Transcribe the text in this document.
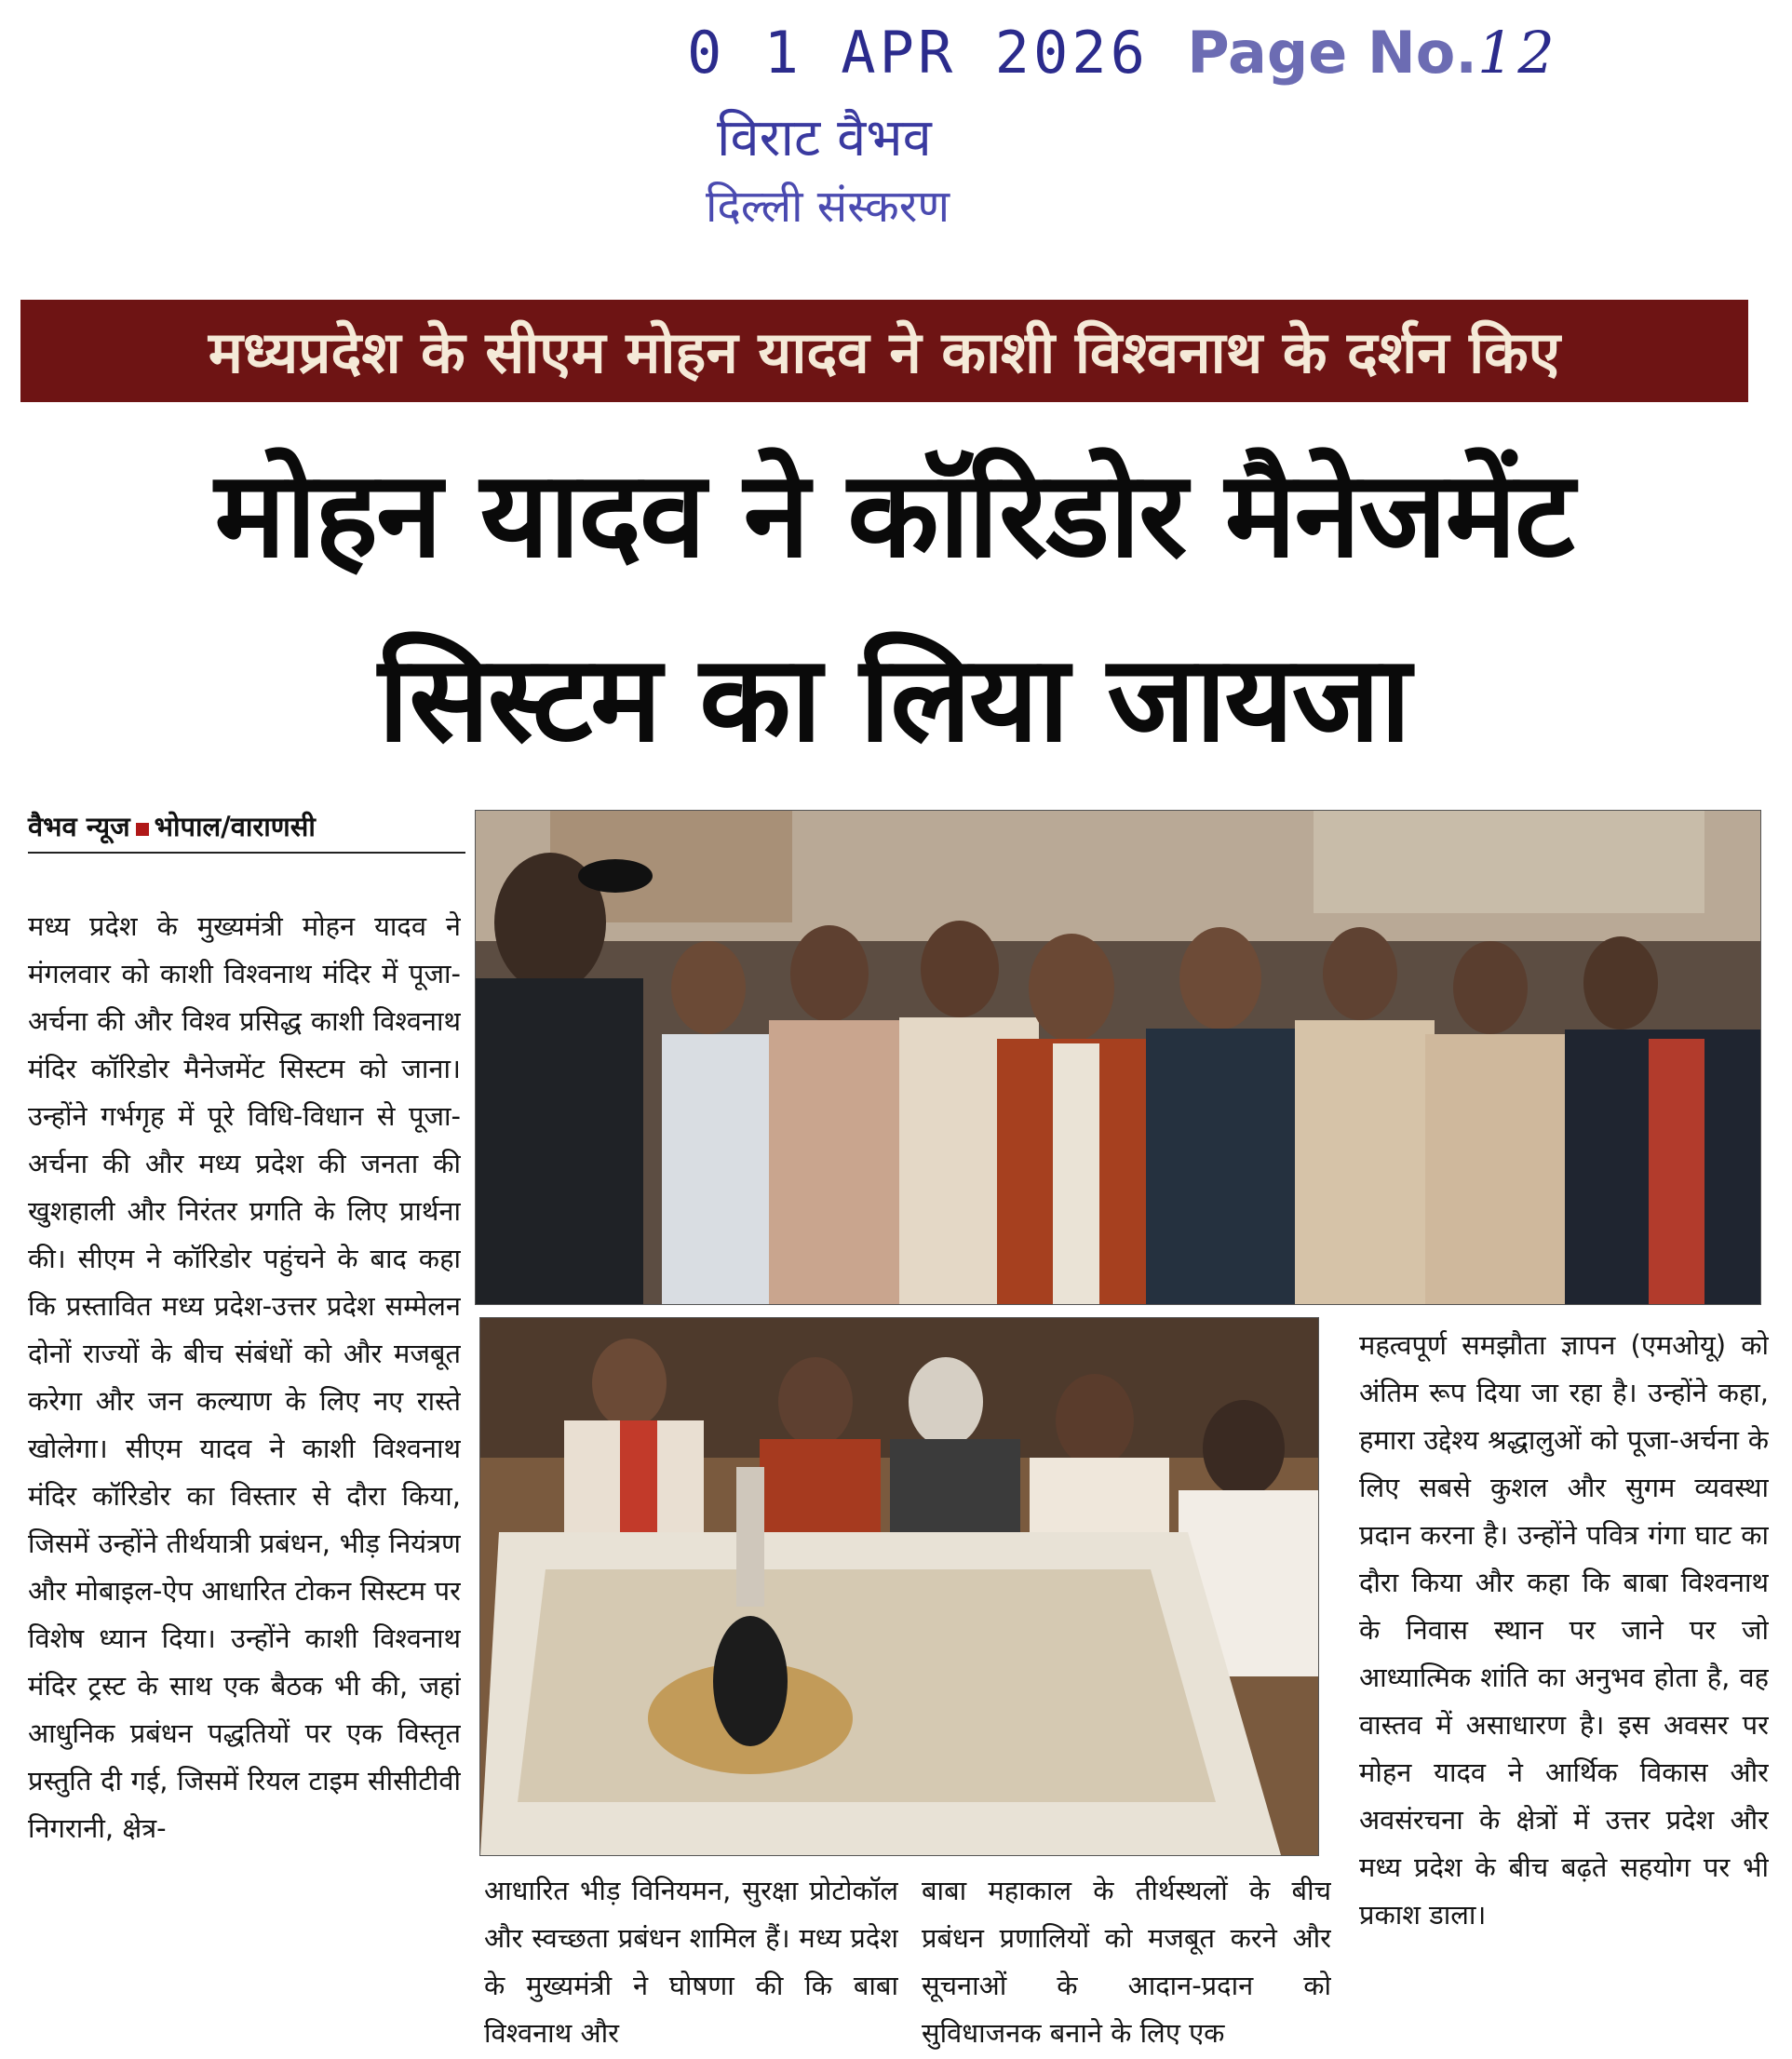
0 1 APR 2026 Page No.12
विराट वैभव
दिल्ली संस्करण
मध्यप्रदेश के सीएम मोहन यादव ने काशी विश्वनाथ के दर्शन किए
मोहन यादव ने कॉरिडोर मैनेजमेंट
सिस्टम का लिया जायजा
वैभव न्यूज भोपाल/वाराणसी

मध्य प्रदेश के मुख्यमंत्री मोहन यादव ने मंगलवार को काशी विश्वनाथ मंदिर में पूजा-अर्चना की और विश्व प्रसिद्ध काशी विश्वनाथ मंदिर कॉरिडोर मैनेजमेंट सिस्टम को जाना। उन्होंने गर्भगृह में पूरे विधि-विधान से पूजा-अर्चना की और मध्य प्रदेश की जनता की खुशहाली और निरंतर प्रगति के लिए प्रार्थना की। सीएम ने कॉरिडोर पहुंचने के बाद कहा कि प्रस्तावित मध्य प्रदेश-उत्तर प्रदेश सम्मेलन दोनों राज्यों के बीच संबंधों को और मजबूत करेगा और जन कल्याण के लिए नए रास्ते खोलेगा। सीएम यादव ने काशी विश्वनाथ मंदिर कॉरिडोर का विस्तार से दौरा किया, जिसमें उन्होंने तीर्थयात्री प्रबंधन, भीड़ नियंत्रण और मोबाइल-ऐप आधारित टोकन सिस्टम पर विशेष ध्यान दिया। उन्होंने काशी विश्वनाथ मंदिर ट्रस्ट के साथ एक बैठक भी की, जहां आधुनिक प्रबंधन पद्धतियों पर एक विस्तृत प्रस्तुति दी गई, जिसमें रियल टाइम सीसीटीवी निगरानी, क्षेत्र-

आधारित भीड़ विनियमन, सुरक्षा प्रोटोकॉल और स्वच्छता प्रबंधन शामिल हैं। मध्य प्रदेश के मुख्यमंत्री ने घोषणा की कि बाबा विश्वनाथ और

बाबा महाकाल के तीर्थस्थलों के बीच प्रबंधन प्रणालियों को मजबूत करने और सूचनाओं के आदान-प्रदान को सुविधाजनक बनाने के लिए एक

महत्वपूर्ण समझौता ज्ञापन (एमओयू) को अंतिम रूप दिया जा रहा है। उन्होंने कहा, हमारा उद्देश्य श्रद्धालुओं को पूजा-अर्चना के लिए सबसे कुशल और सुगम व्यवस्था प्रदान करना है। उन्होंने पवित्र गंगा घाट का दौरा किया और कहा कि बाबा विश्वनाथ के निवास स्थान पर जाने पर जो आध्यात्मिक शांति का अनुभव होता है, वह वास्तव में असाधारण है। इस अवसर पर मोहन यादव ने आर्थिक विकास और अवसंरचना के क्षेत्रों में उत्तर प्रदेश और मध्य प्रदेश के बीच बढ़ते सहयोग पर भी प्रकाश डाला।
